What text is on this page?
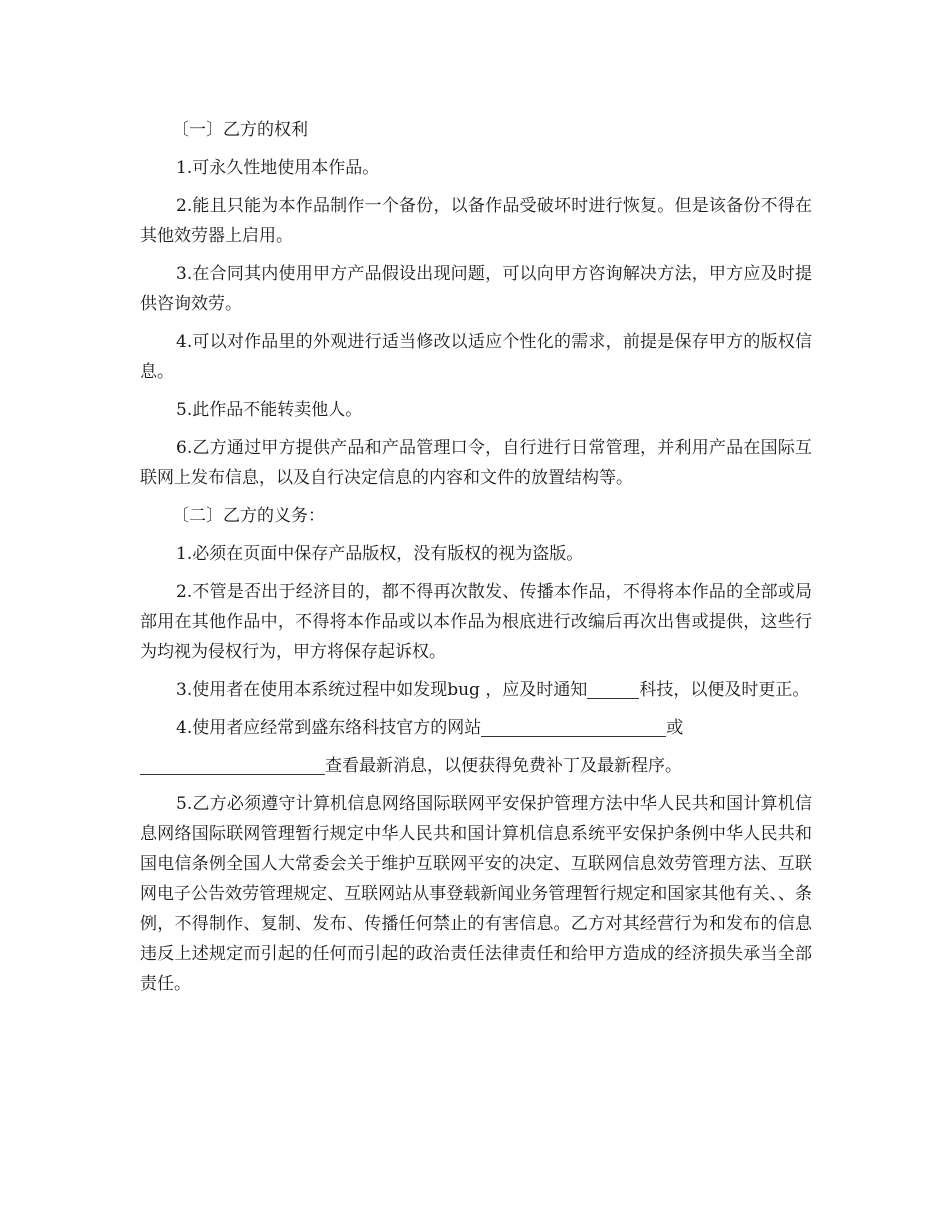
〔一〕乙方的权利

1.可永久性地使用本作品。

2.能且只能为本作品制作一个备份，以备作品受破坏时进行恢复。但是该备份不得在其他效劳器上启用。

3.在合同其内使用甲方产品假设出现问题，可以向甲方咨询解决方法，甲方应及时提供咨询效劳。

4.可以对作品里的外观进行适当修改以适应个性化的需求，前提是保存甲方的版权信息。

5.此作品不能转卖他人。

6.乙方通过甲方提供产品和产品管理口令，自行进行日常管理，并利用产品在国际互联网上发布信息，以及自行决定信息的内容和文件的放置结构等。

〔二〕乙方的义务：

1.必须在页面中保存产品版权，没有版权的视为盗版。

2.不管是否出于经济目的，都不得再次散发、传播本作品，不得将本作品的全部或局部用在其他作品中，不得将本作品或以本作品为根底进行改编后再次出售或提供，这些行为均视为侵权行为，甲方将保存起诉权。

3.使用者在使用本系统过程中如发现bug ，应及时通知	科技，以便及时更正。

4.使用者应经常到盛东络科技官方的网站	或

查看最新消息，以便获得免费补丁及最新程序。

5.乙方必须遵守计算机信息网络国际联网平安保护管理方法中华人民共和国计算机信息网络国际联网管理暂行规定中华人民共和国计算机信息系统平安保护条例中华人民共和国电信条例全国人大常委会关于维护互联网平安的决定、互联网信息效劳管理方法、互联网电子公告效劳管理规定、互联网站从事登载新闻业务管理暂行规定和国家其他有关、、条例，不得制作、复制、发布、传播任何禁止的有害信息。乙方对其经营行为和发布的信息违反上述规定而引起的任何而引起的政治责任法律责任和给甲方造成的经济损失承当全部责任。
